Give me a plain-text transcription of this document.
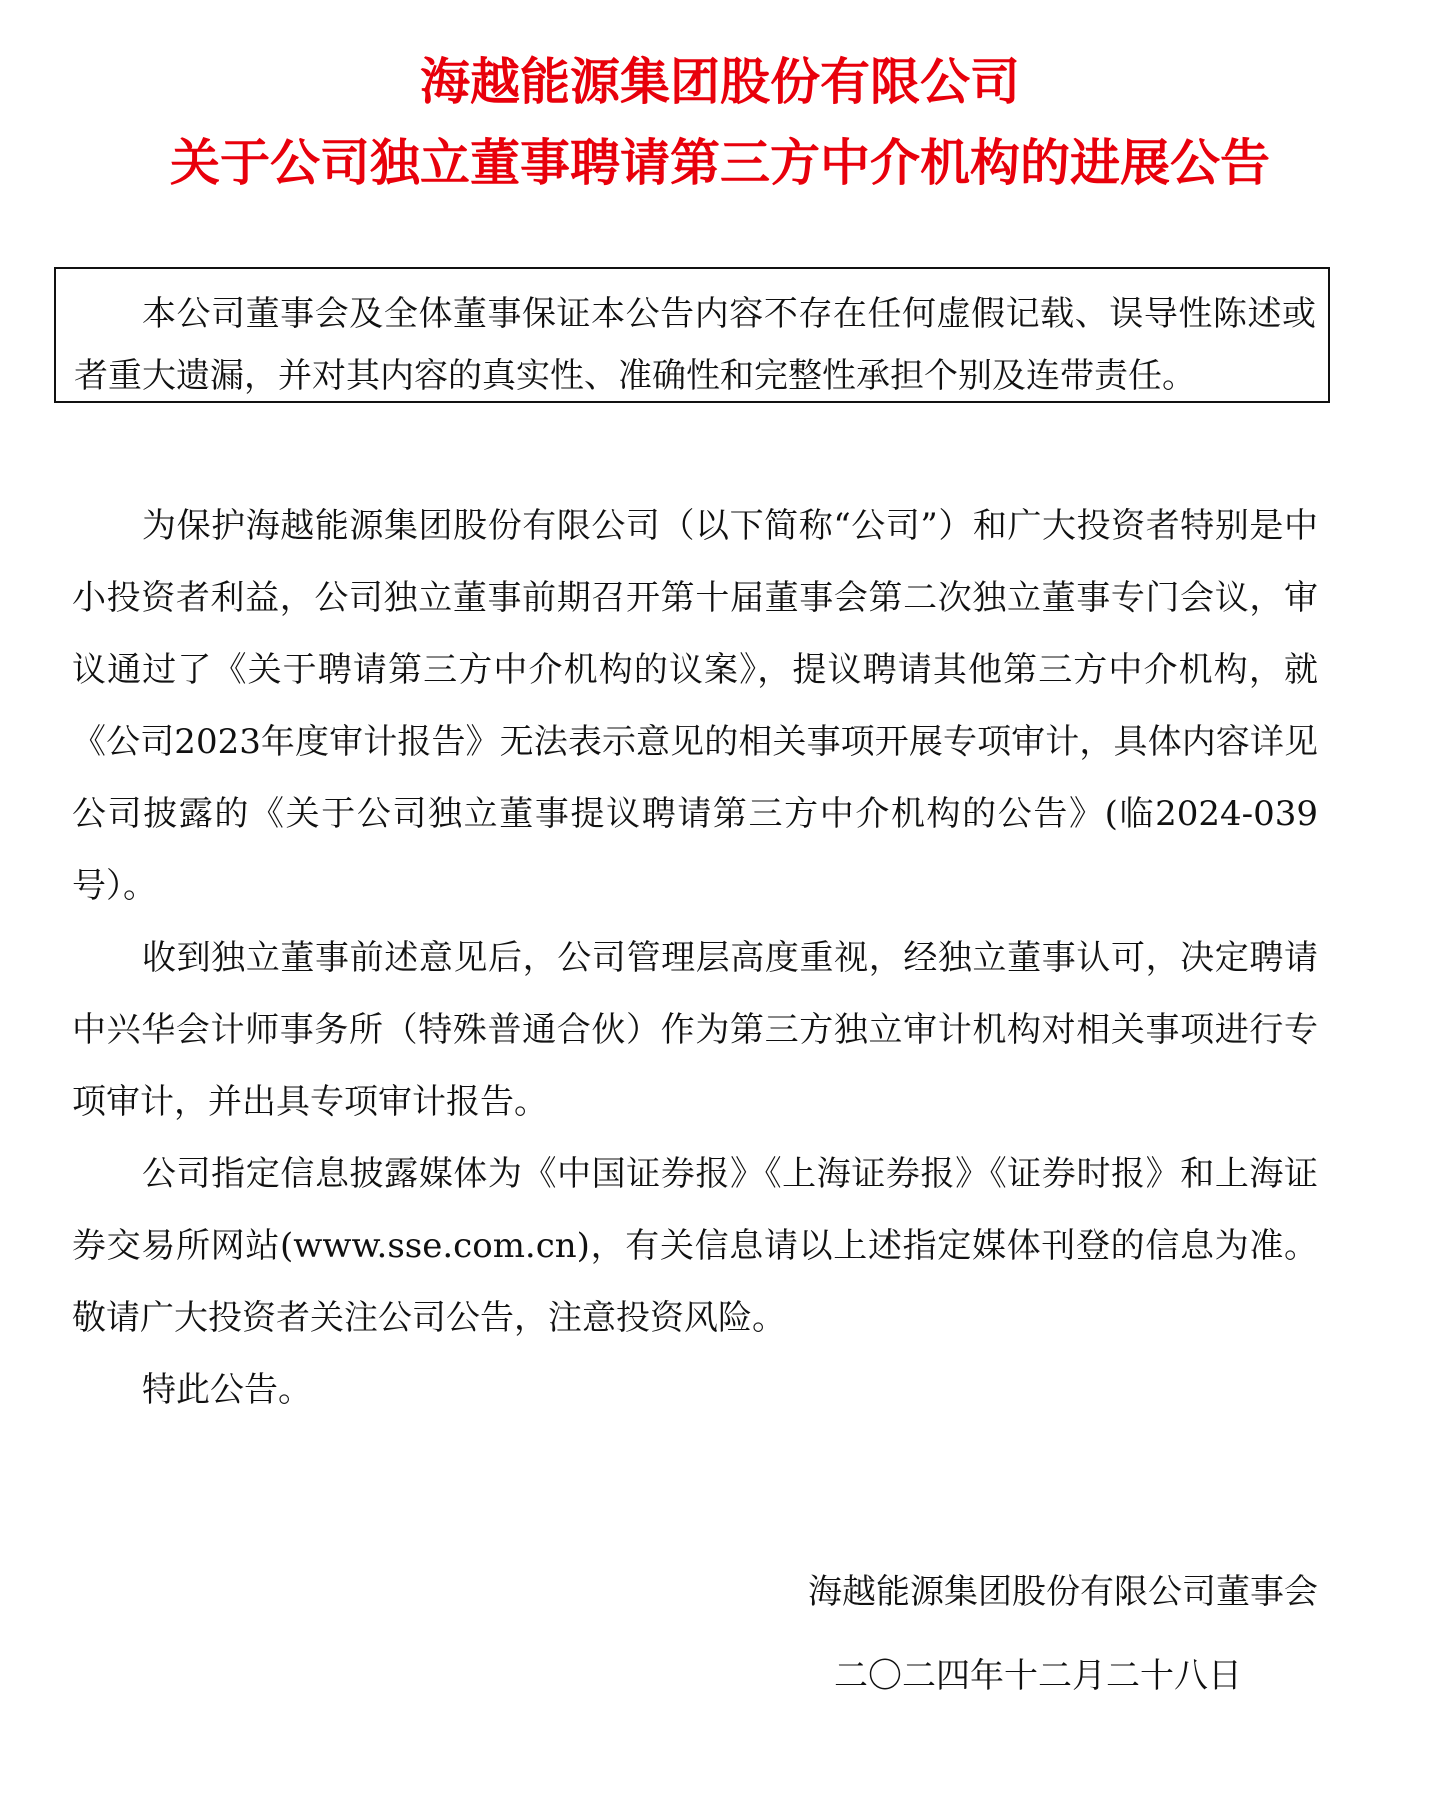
海越能源集团股份有限公司
关于公司独立董事聘请第三方中介机构的进展公告

本公司董事会及全体董事保证本公告内容不存在任何虚假记载、误导性陈述或者重大遗漏，并对其内容的真实性、准确性和完整性承担个别及连带责任。

为保护海越能源集团股份有限公司（以下简称“公司”）和广大投资者特别是中小投资者利益，公司独立董事前期召开第十届董事会第二次独立董事专门会议，审议通过了《关于聘请第三方中介机构的议案》，提议聘请其他第三方中介机构，就《公司2023年度审计报告》无法表示意见的相关事项开展专项审计，具体内容详见公司披露的《关于公司独立董事提议聘请第三方中介机构的公告》(临2024-039号）。

收到独立董事前述意见后，公司管理层高度重视，经独立董事认可，决定聘请中兴华会计师事务所（特殊普通合伙）作为第三方独立审计机构对相关事项进行专项审计，并出具专项审计报告。

公司指定信息披露媒体为《中国证券报》《上海证券报》《证券时报》和上海证券交易所网站(www.sse.com.cn)，有关信息请以上述指定媒体刊登的信息为准。敬请广大投资者关注公司公告，注意投资风险。

特此公告。

海越能源集团股份有限公司董事会
二〇二四年十二月二十八日
